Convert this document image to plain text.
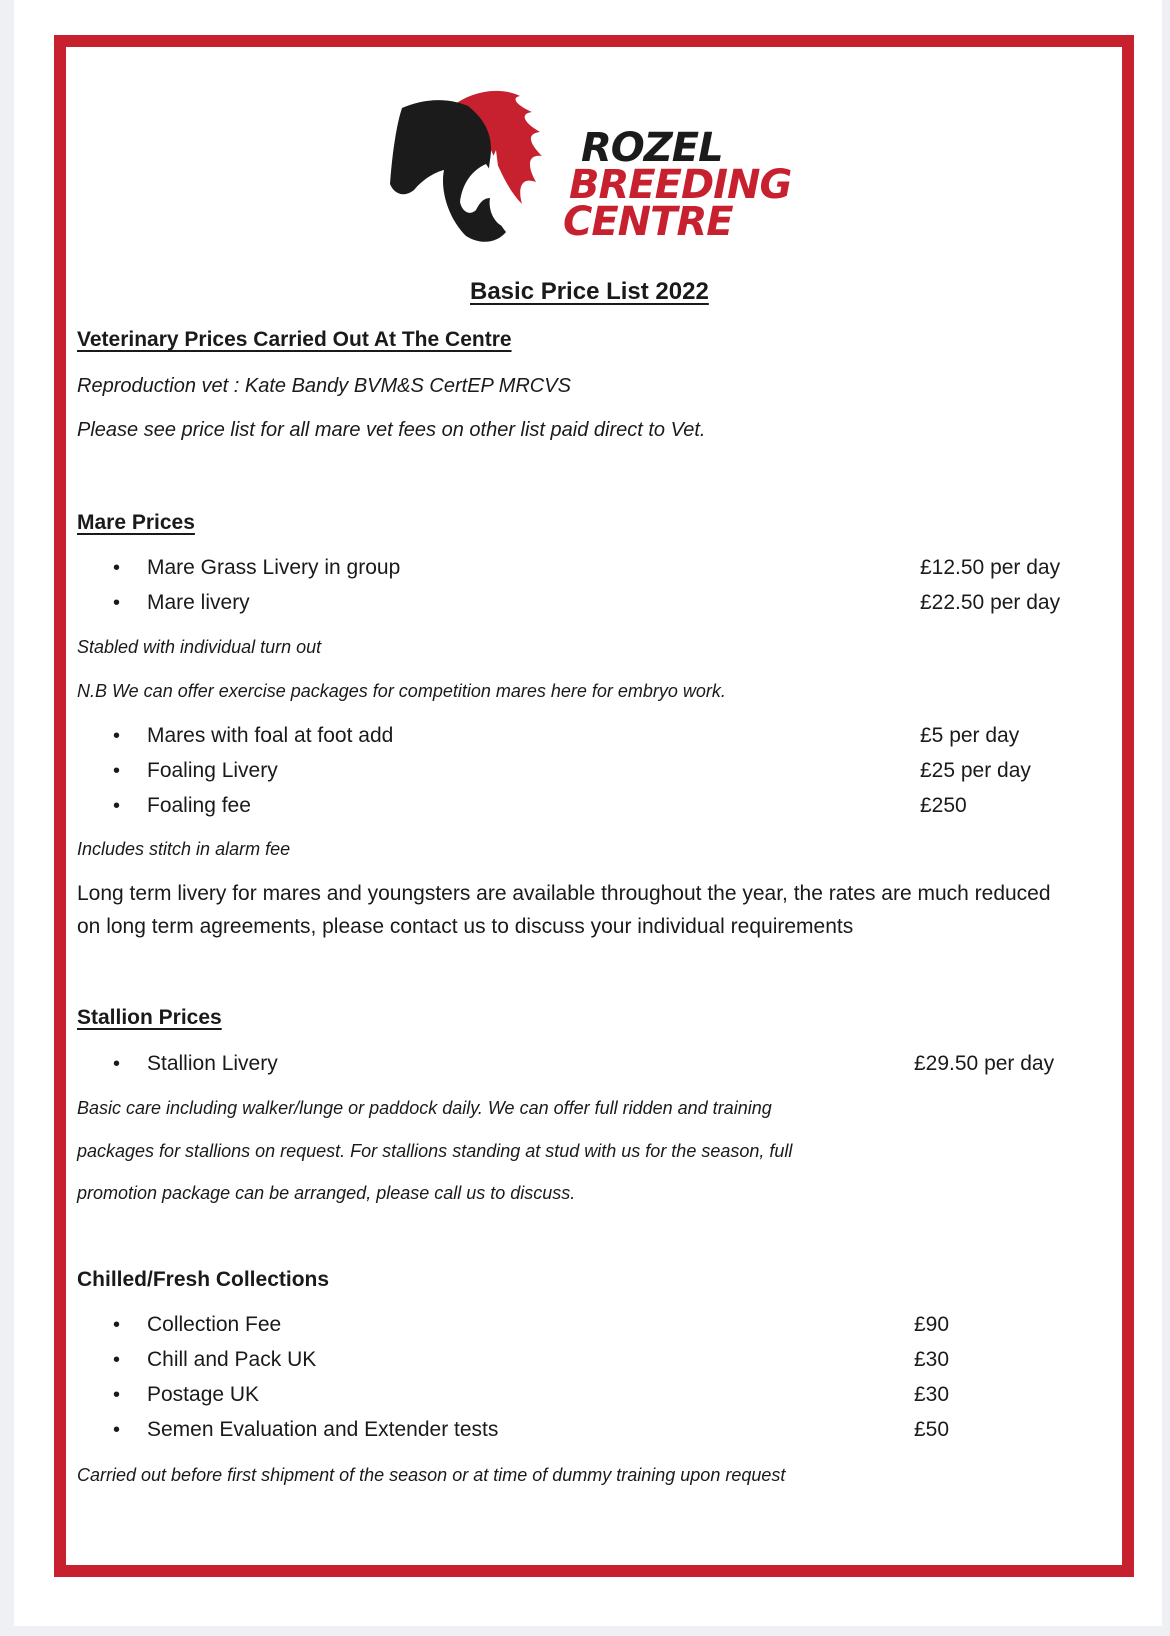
ROZEL
BREEDING
CENTRE
Basic Price List 2022
Veterinary Prices Carried Out At The Centre
Reproduction vet : Kate Bandy BVM&S CertEP MRCVS
Please see price list for all mare vet fees on other list paid direct to Vet.
Mare Prices
• Mare Grass Livery in group	£12.50 per day
• Mare livery	£22.50 per day
Stabled with individual turn out
N.B We can offer exercise packages for competition mares here for embryo work.
• Mares with foal at foot add	£5 per day
• Foaling Livery	£25 per day
• Foaling fee	£250
Includes stitch in alarm fee
Long term livery for mares and youngsters are available throughout the year, the rates are much reduced
on long term agreements, please contact us to discuss your individual requirements
Stallion Prices
• Stallion Livery	£29.50 per day
Basic care including walker/lunge or paddock daily. We can offer full ridden and training
packages for stallions on request. For stallions standing at stud with us for the season, full
promotion package can be arranged, please call us to discuss.
Chilled/Fresh Collections
• Collection Fee	£90
• Chill and Pack UK	£30
• Postage UK	£30
• Semen Evaluation and Extender tests	£50
Carried out before first shipment of the season or at time of dummy training upon request
